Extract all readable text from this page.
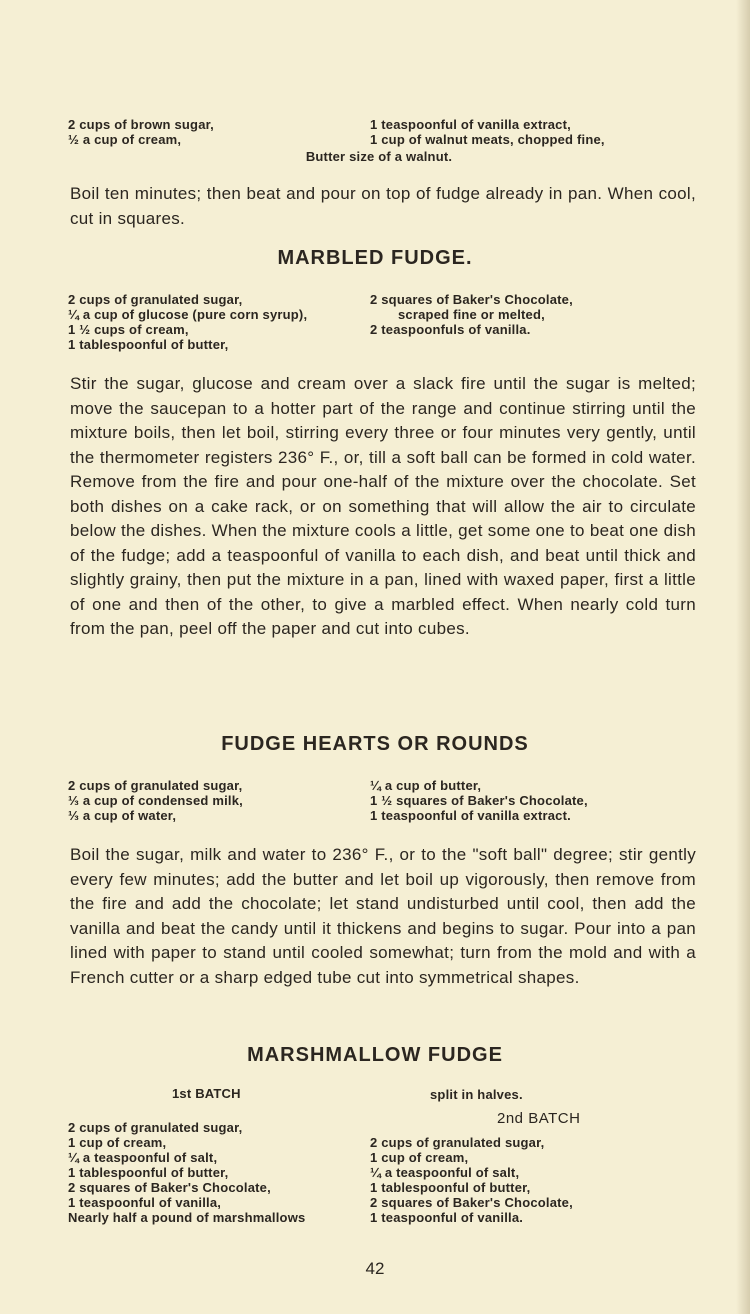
2 cups of brown sugar,
½ a cup of cream,
1 teaspoonful of vanilla extract,
1 cup of walnut meats, chopped fine,
Butter size of a walnut.
Boil ten minutes; then beat and pour on top of fudge already in pan. When cool, cut in squares.
MARBLED FUDGE.
2 cups of granulated sugar,
¼ a cup of glucose (pure corn syrup),
1 ½ cups of cream,
1 tablespoonful of butter,
2 squares of Baker's Chocolate,
scraped fine or melted,
2 teaspoonfuls of vanilla.
Stir the sugar, glucose and cream over a slack fire until the sugar is melted; move the saucepan to a hotter part of the range and continue stirring until the mixture boils, then let boil, stirring every three or four minutes very gently, until the thermometer registers 236° F., or, till a soft ball can be formed in cold water. Remove from the fire and pour one-half of the mixture over the chocolate. Set both dishes on a cake rack, or on something that will allow the air to circulate below the dishes. When the mixture cools a little, get some one to beat one dish of the fudge; add a teaspoonful of vanilla to each dish, and beat until thick and slightly grainy, then put the mixture in a pan, lined with waxed paper, first a little of one and then of the other, to give a marbled effect. When nearly cold turn from the pan, peel off the paper and cut into cubes.
FUDGE HEARTS OR ROUNDS
2 cups of granulated sugar,
⅓ a cup of condensed milk,
⅓ a cup of water,
¼ a cup of butter,
1 ½ squares of Baker's Chocolate,
1 teaspoonful of vanilla extract.
Boil the sugar, milk and water to 236° F., or to the "soft ball" degree; stir gently every few minutes; add the butter and let boil up vigorously, then remove from the fire and add the chocolate; let stand undisturbed until cool, then add the vanilla and beat the candy until it thickens and begins to sugar. Pour into a pan lined with paper to stand until cooled somewhat; turn from the mold and with a French cutter or a sharp edged tube cut into symmetrical shapes.
MARSHMALLOW FUDGE
1st BATCH
2 cups of granulated sugar,
1 cup of cream,
¼ a teaspoonful of salt,
1 tablespoonful of butter,
2 squares of Baker's Chocolate,
1 teaspoonful of vanilla,
Nearly half a pound of marshmallows
split in halves.
2nd BATCH
2 cups of granulated sugar,
1 cup of cream,
¼ a teaspoonful of salt,
1 tablespoonful of butter,
2 squares of Baker's Chocolate,
1 teaspoonful of vanilla.
42
